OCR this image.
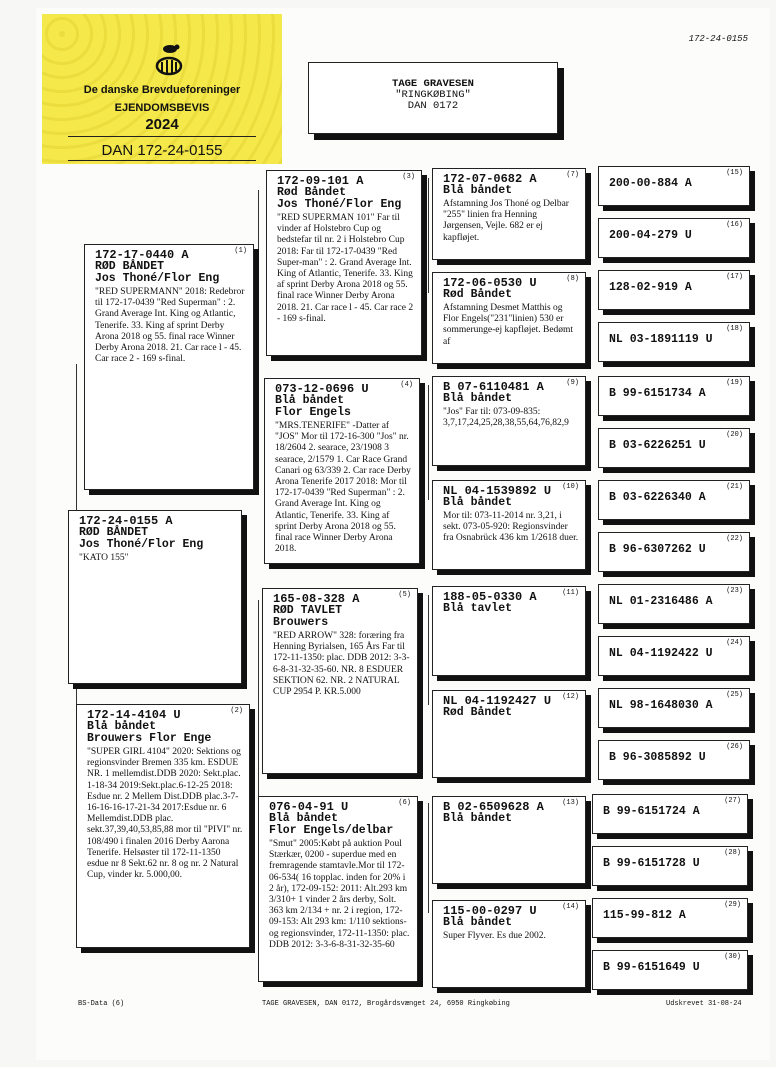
172-24-0155
De danske Brevdueforeninger
EJENDOMSBEVIS
2024
DAN 172-24-0155
TAGE GRAVESEN
"RINGKØBING"
DAN 0172
172-24-0155 A
RØD BÅNDET
Jos Thoné/Flor Eng
"KATO 155"
(1)
172-17-0440 A
RØD BÅNDET
Jos Thoné/Flor Eng
"RED SUPERMANN" 2018: Redebror til 172-17-0439 "Red Superman" : 2. Grand Average Int. King og Atlantic, Tenerife. 33. King af sprint Derby Arona 2018 og 55. final race Winner Derby Arona 2018. 21. Car race l - 45. Car race 2 - 169 s-final.
(2)
172-14-4104 U
Blå båndet
Brouwers Flor Enge
"SUPER GIRL 4104" 2020: Sektions og regionsvinder Bremen 335 km. ESDUE NR. 1 mellemdist.DDB 2020: Sekt.plac. 1-18-34 2019:Sekt.plac.6-12-25 2018: Esdue nr. 2 Mellem Dist.DDB plac.3-7-16-16-16-17-21-34 2017:Esdue nr. 6 Mellemdist.DDB plac. sekt.37,39,40,53,85,88 mor til "PIVI" nr. 108/490 i finalen 2016 Derby Aarona Tenerife. Helsøster til 172-11-1350 esdue nr 8 Sekt.62 nr. 8 og nr. 2 Natural Cup, vinder kr. 5.000,00.
(3)
172-09-101 A
Rød Båndet
Jos Thoné/Flor Eng
"RED SUPERMAN 101" Far til vinder af Holstebro Cup og bedstefar til nr. 2 i Holstebro Cup 2018: Far til 172-17-0439 "Red Super-man" : 2. Grand Average Int. King of Atlantic, Tenerife. 33. King af sprint Derby Arona 2018 og 55. final race Winner Derby Arona 2018. 21. Car race l - 45. Car race 2 - 169 s-final.
(4)
073-12-0696 U
Blå båndet
Flor Engels
"MRS.TENERIFE" -Datter af "JOS" Mor til 172-16-300 "Jos" nr. 18/2604 2. searace, 23/1908 3 searace, 2/1579 1. Car Race Grand Canari og 63/339 2. Car race Derby Arona Tenerife 2017 2018: Mor til 172-17-0439 "Red Superman" : 2. Grand Average Int. King og Atlantic, Tenerife. 33. King af sprint Derby Arona 2018 og 55. final race Winner Derby Arona 2018.
(5)
165-08-328 A
RØD TAVLET
Brouwers
"RED ARROW" 328: foræring fra Henning Byrialsen, 165 Års Far til 172-11-1350: plac. DDB 2012: 3-3-6-8-31-32-35-60. NR. 8 ESDUER SEKTION 62. NR. 2 NATURAL CUP 2954 P. KR.5.000
(6)
076-04-91 U
Blå båndet
Flor Engels/delbar
"Smut" 2005:Købt på auktion Poul Stærkær, 0200 - superdue med en fremragende stamtavle.Mor til 172-06-534( 16 topplac. inden for 20% i 2 år), 172-09-152: 2011: Alt.293 km 3/310+ 1 vinder 2 års derby, Solt. 363 km 2/134 + nr. 2 i region, 172-09-153: Alt 293 km: 1/110 sektions- og regionsvinder, 172-11-1350: plac. DDB 2012: 3-3-6-8-31-32-35-60
(7)
172-07-0682 A
Blå båndet
Afstamning Jos Thoné og Delbar "255" linien fra Henning Jørgensen, Vejle. 682 er ej kapfløjet.
(8)
172-06-0530 U
Rød Båndet
Afstamning Desmet Matthis og Flor Engels("231"linien) 530 er sommerunge-ej kapfløjet. Bedømt af
(9)
B 07-6110481 A
Blå båndet
"Jos" Far til: 073-09-835: 3,7,17,24,25,28,38,55,64,76,82,9
(10)
NL 04-1539892 U
Blå båndet
Mor til: 073-11-2014 nr. 3,21, i sekt. 073-05-920: Regionsvinder fra Osnabrück 436 km 1/2618 duer.
(11)
188-05-0330 A
Blå tavlet
(12)
NL 04-1192427 U
Rød Båndet
(13)
B 02-6509628 A
Blå båndet
(14)
115-00-0297 U
Blå båndet
Super Flyver. Es due 2002.
(15)
200-00-884 A
(16)
200-04-279 U
(17)
128-02-919 A
(18)
NL 03-1891119 U
(19)
B 99-6151734 A
(20)
B 03-6226251 U
(21)
B 03-6226340 A
(22)
B 96-6307262 U
(23)
NL 01-2316486 A
(24)
NL 04-1192422 U
(25)
NL 98-1648030 A
(26)
B 96-3085892 U
(27)
B 99-6151724 A
(28)
B 99-6151728 U
(29)
115-99-812 A
(30)
B 99-6151649 U
BS-Data (6)	TAGE GRAVESEN, DAN 0172, Brogårdsvænget 24, 6950 Ringkøbing	Udskrevet 31-08-24
